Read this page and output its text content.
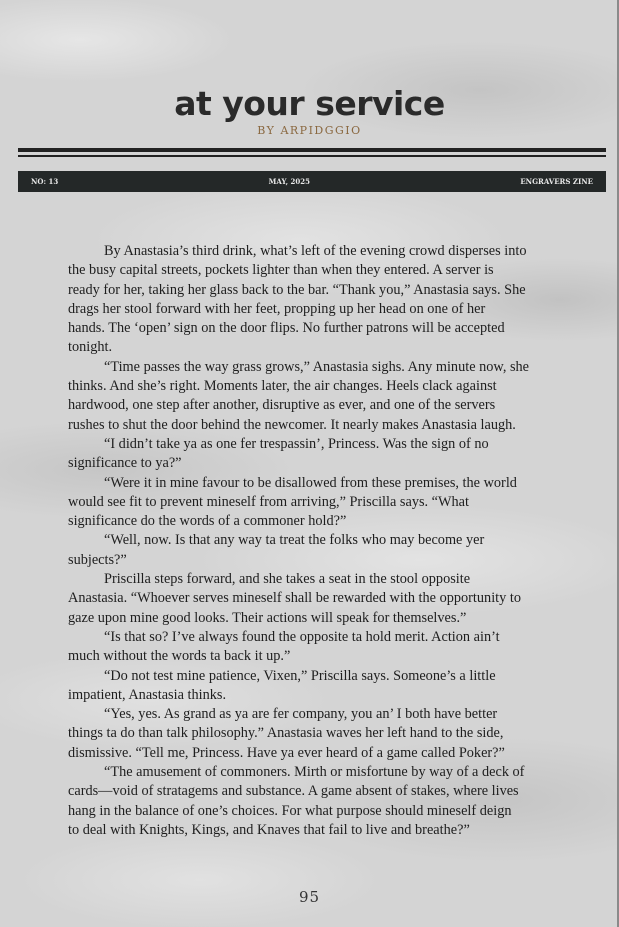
at your service
BY ARPIDGGIO
NO: 13	MAY, 2025	ENGRAVERS ZINE
By Anastasia’s third drink, what’s left of the evening crowd disperses into
the busy capital streets, pockets lighter than when they entered. A server is
ready for her, taking her glass back to the bar. “Thank you,” Anastasia says. She
drags her stool forward with her feet, propping up her head on one of her
hands. The ‘open’ sign on the door flips. No further patrons will be accepted
tonight.
“Time passes the way grass grows,” Anastasia sighs. Any minute now, she
thinks. And she’s right. Moments later, the air changes. Heels clack against
hardwood, one step after another, disruptive as ever, and one of the servers
rushes to shut the door behind the newcomer. It nearly makes Anastasia laugh.
“I didn’t take ya as one fer trespassin’, Princess. Was the sign of no
significance to ya?”
“Were it in mine favour to be disallowed from these premises, the world
would see fit to prevent mineself from arriving,” Priscilla says. “What
significance do the words of a commoner hold?”
“Well, now. Is that any way ta treat the folks who may become yer
subjects?”
Priscilla steps forward, and she takes a seat in the stool opposite
Anastasia. “Whoever serves mineself shall be rewarded with the opportunity to
gaze upon mine good looks. Their actions will speak for themselves.”
“Is that so? I’ve always found the opposite ta hold merit. Action ain’t
much without the words ta back it up.”
“Do not test mine patience, Vixen,” Priscilla says. Someone’s a little
impatient, Anastasia thinks.
“Yes, yes. As grand as ya are fer company, you an’ I both have better
things ta do than talk philosophy.” Anastasia waves her left hand to the side,
dismissive. “Tell me, Princess. Have ya ever heard of a game called Poker?”
“The amusement of commoners. Mirth or misfortune by way of a deck of
cards—void of stratagems and substance. A game absent of stakes, where lives
hang in the balance of one’s choices. For what purpose should mineself deign
to deal with Knights, Kings, and Knaves that fail to live and breathe?”
95
